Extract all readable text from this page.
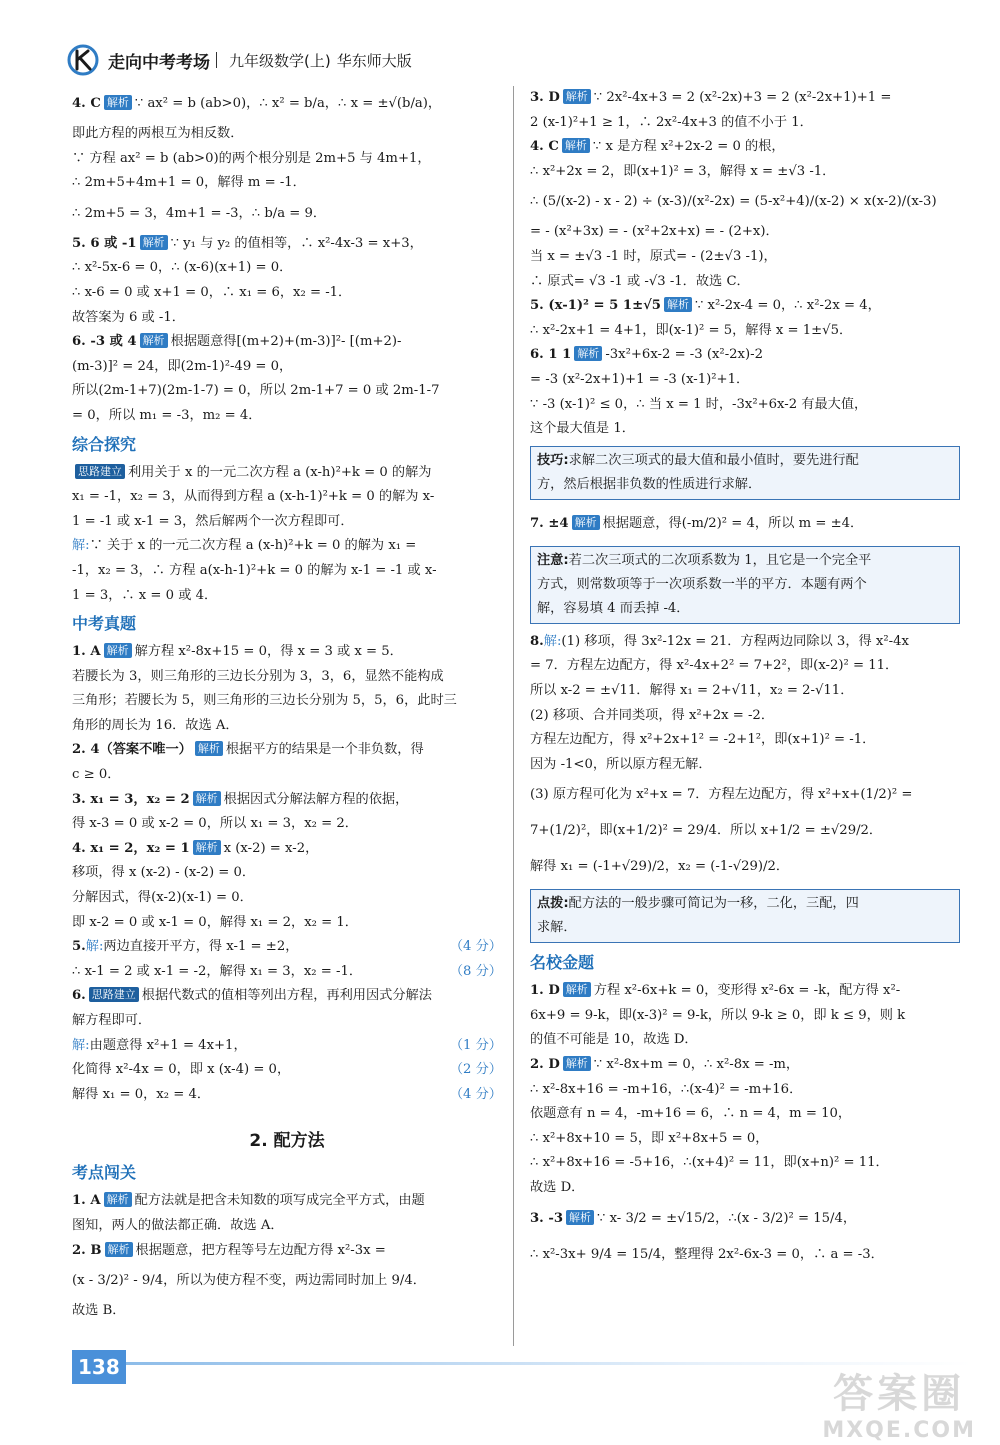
走向中考考场 九年级数学(上) 华东师大版

4. C 解析 ∵ ax² = b (ab>0)，∴ x² = b/a，∴ x = ±√(b/a)，

即此方程的两根互为相反数．

∵ 方程 ax² = b (ab>0)的两个根分别是 2m+5 与 4m+1，

∴ 2m+5+4m+1 = 0，解得 m = -1．

∴ 2m+5 = 3，4m+1 = -3，∴ b/a = 9．

5. 6 或 -1 解析 ∵ y₁ 与 y₂ 的值相等，∴ x²-4x-3 = x+3，

∴ x²-5x-6 = 0，∴ (x-6)(x+1) = 0．

∴ x-6 = 0 或 x+1 = 0，∴ x₁ = 6，x₂ = -1．

故答案为 6 或 -1．

6. -3 或 4 解析 根据题意得[(m+2)+(m-3)]²- [(m+2)-

(m-3)]² = 24，即(2m-1)²-49 = 0，

所以(2m-1+7)(2m-1-7) = 0，所以 2m-1+7 = 0 或 2m-1-7

= 0，所以 m₁ = -3，m₂ = 4．

综合探究

思路建立 利用关于 x 的一元二次方程 a (x-h)²+k = 0 的解为

x₁ = -1，x₂ = 3，从而得到方程 a (x-h-1)²+k = 0 的解为 x-

1 = -1 或 x-1 = 3，然后解两个一次方程即可．

解:∵ 关于 x 的一元二次方程 a (x-h)²+k = 0 的解为 x₁ =

-1，x₂ = 3，∴ 方程 a(x-h-1)²+k = 0 的解为 x-1 = -1 或 x-

1 = 3，∴ x = 0 或 4．

中考真题

1. A 解析 解方程 x²-8x+15 = 0，得 x = 3 或 x = 5．

若腰长为 3，则三角形的三边长分别为 3，3，6，显然不能构成

三角形；若腰长为 5，则三角形的三边长分别为 5，5，6，此时三

角形的周长为 16．故选 A．

2. 4（答案不唯一） 解析 根据平方的结果是一个非负数，得

c ≥ 0．

3. x₁ = 3，x₂ = 2 解析 根据因式分解法解方程的依据，

得 x-3 = 0 或 x-2 = 0，所以 x₁ = 3，x₂ = 2．

4. x₁ = 2，x₂ = 1 解析 x (x-2) = x-2，

移项，得 x (x-2) - (x-2) = 0．

分解因式，得(x-2)(x-1) = 0．

即 x-2 = 0 或 x-1 = 0，解得 x₁ = 2，x₂ = 1．

5.解:两边直接开平方，得 x-1 = ±2，	（4 分）

∴ x-1 = 2 或 x-1 = -2，解得 x₁ = 3，x₂ = -1．	（8 分）

6. 思路建立 根据代数式的值相等列出方程，再利用因式分解法

解方程即可．

解:由题意得 x²+1 = 4x+1，	（1 分）

化简得 x²-4x = 0，即 x (x-4) = 0，	（2 分）

解得 x₁ = 0，x₂ = 4．	（4 分）

2. 配方法
考点闯关

1. A 解析 配方法就是把含未知数的项写成完全平方式，由题

图知，两人的做法都正确．故选 A．

2. B 解析 根据题意，把方程等号左边配方得 x²-3x =

(x - 3/2)² - 9/4，所以为使方程不变，两边需同时加上 9/4．

故选 B．

3. D 解析 ∵ 2x²-4x+3 = 2 (x²-2x)+3 = 2 (x²-2x+1)+1 =

2 (x-1)²+1 ≥ 1，∴ 2x²-4x+3 的值不小于 1．

4. C 解析 ∵ x 是方程 x²+2x-2 = 0 的根，

∴ x²+2x = 2，即(x+1)² = 3，解得 x = ±√3 -1．

∴ (5/(x-2) - x - 2) ÷ (x-3)/(x²-2x) = (5-x²+4)/(x-2) × x(x-2)/(x-3)

= - (x²+3x) = - (x²+2x+x) = - (2+x)．

当 x = ±√3 -1 时，原式= - (2±√3 -1)，

∴ 原式= √3 -1 或 -√3 -1．故选 C．

5. (x-1)² = 5 1±√5 解析 ∵ x²-2x-4 = 0，∴ x²-2x = 4，

∴ x²-2x+1 = 4+1，即(x-1)² = 5，解得 x = 1±√5．

6. 1 1 解析 -3x²+6x-2 = -3 (x²-2x)-2

= -3 (x²-2x+1)+1 = -3 (x-1)²+1．

∵ -3 (x-1)² ≤ 0，∴ 当 x = 1 时，-3x²+6x-2 有最大值，

这个最大值是 1．

技巧:求解二次三项式的最大值和最小值时，要先进行配

方，然后根据非负数的性质进行求解．

7. ±4 解析 根据题意，得(-m/2)² = 4，所以 m = ±4．

注意:若二次三项式的二次项系数为 1，且它是一个完全平

方式，则常数项等于一次项系数一半的平方．本题有两个

解，容易填 4 而丢掉 -4．

8.解:(1) 移项，得 3x²-12x = 21．方程两边同除以 3，得 x²-4x

= 7．方程左边配方，得 x²-4x+2² = 7+2²，即(x-2)² = 11．

所以 x-2 = ±√11．解得 x₁ = 2+√11，x₂ = 2-√11．

(2) 移项、合并同类项，得 x²+2x = -2．

方程左边配方，得 x²+2x+1² = -2+1²，即(x+1)² = -1．

因为 -1<0，所以原方程无解．

(3) 原方程可化为 x²+x = 7．方程左边配方，得 x²+x+(1/2)² =

7+(1/2)²，即(x+1/2)² = 29/4．所以 x+1/2 = ±√29/2．

解得 x₁ = (-1+√29)/2，x₂ = (-1-√29)/2．

点拨:配方法的一般步骤可简记为一移，二化，三配，四

求解．

名校金题

1. D 解析 方程 x²-6x+k = 0，变形得 x²-6x = -k，配方得 x²-

6x+9 = 9-k，即(x-3)² = 9-k，所以 9-k ≥ 0，即 k ≤ 9，则 k

的值不可能是 10，故选 D．

2. D 解析 ∵ x²-8x+m = 0，∴ x²-8x = -m，

∴ x²-8x+16 = -m+16，∴(x-4)² = -m+16．

依题意有 n = 4，-m+16 = 6，∴ n = 4，m = 10，

∴ x²+8x+10 = 5，即 x²+8x+5 = 0，

∴ x²+8x+16 = -5+16，∴(x+4)² = 11，即(x+n)² = 11．

故选 D．

3. -3 解析 ∵ x- 3/2 = ±√15/2，∴(x - 3/2)² = 15/4，

∴ x²-3x+ 9/4 = 15/4，整理得 2x²-6x-3 = 0，∴ a = -3．

138
答案圈
MXQE.COM
